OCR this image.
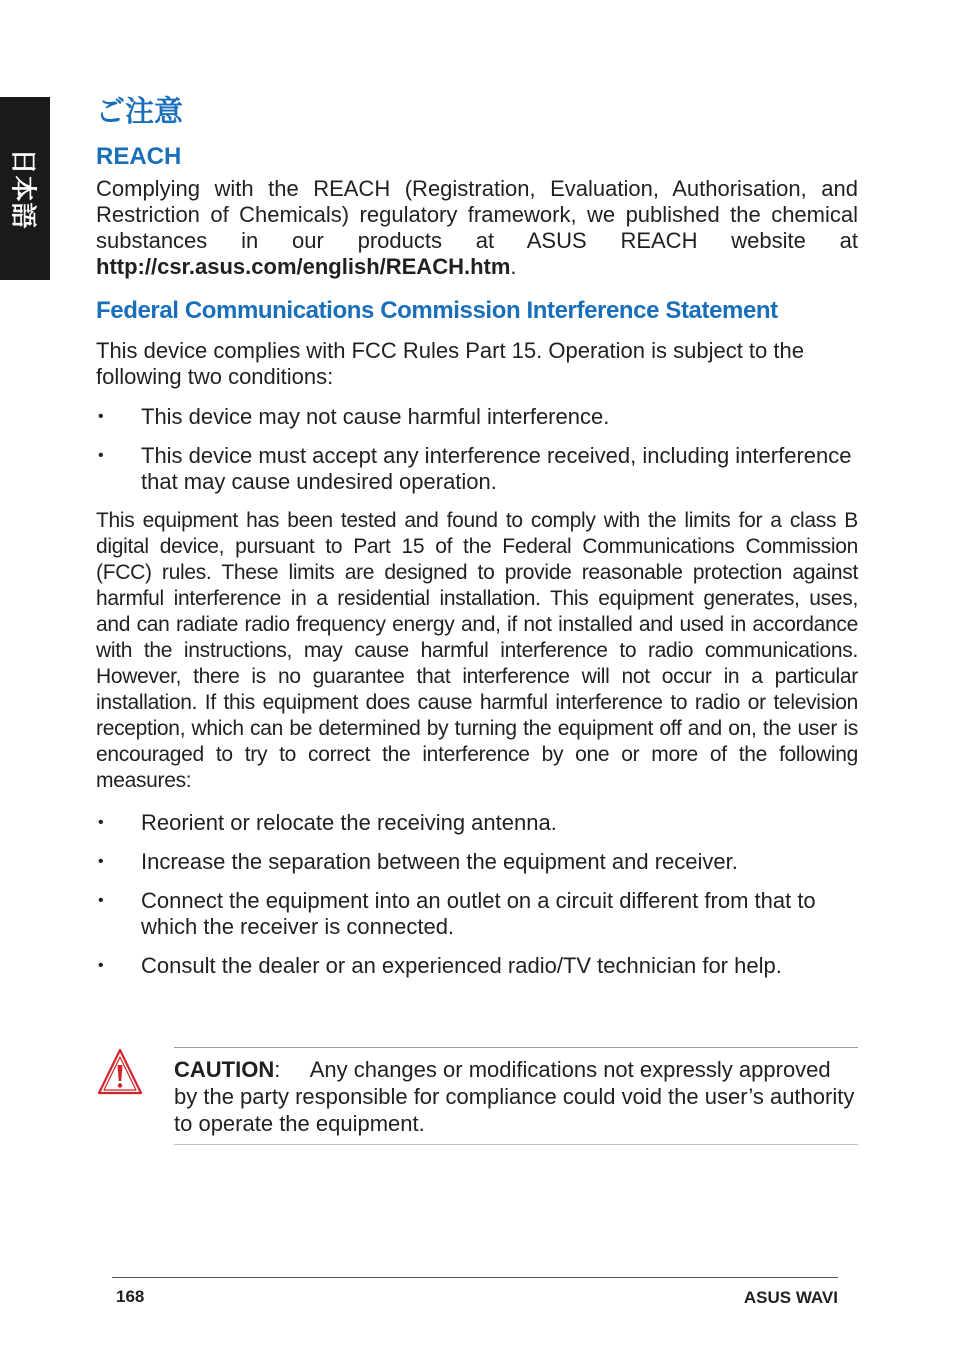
日本語
ご注意
REACH

Complying with the REACH (Registration, Evaluation, Authorisation, and Restriction of Chemicals) regulatory framework, we published the chemical substances in our products at ASUS REACH website at http://csr.asus.com/english/REACH.htm.

Federal Communications Commission Interference Statement

This device complies with FCC Rules Part 15. Operation is subject to the following two conditions:

• This device may not cause harmful interference.
• This device must accept any interference received, including interference that may cause undesired operation.

This equipment has been tested and found to comply with the limits for a class B digital device, pursuant to Part 15 of the Federal Communications Commission (FCC) rules. These limits are designed to provide reasonable protection against harmful interference in a residential installation. This equipment generates, uses, and can radiate radio frequency energy and, if not installed and used in accordance with the instructions, may cause harmful interference to radio communications. However, there is no guarantee that interference will not occur in a particular installation. If this equipment does cause harmful interference to radio or television reception, which can be determined by turning the equipment off and on, the user is encouraged to try to correct the interference by one or more of the following measures:

• Reorient or relocate the receiving antenna.
• Increase the separation between the equipment and receiver.
• Connect the equipment into an outlet on a circuit different from that to which the receiver is connected.
• Consult the dealer or an experienced radio/TV technician for help.

CAUTION: Any changes or modifications not expressly approved by the party responsible for compliance could void the user’s authority to operate the equipment.

168	ASUS WAVI
